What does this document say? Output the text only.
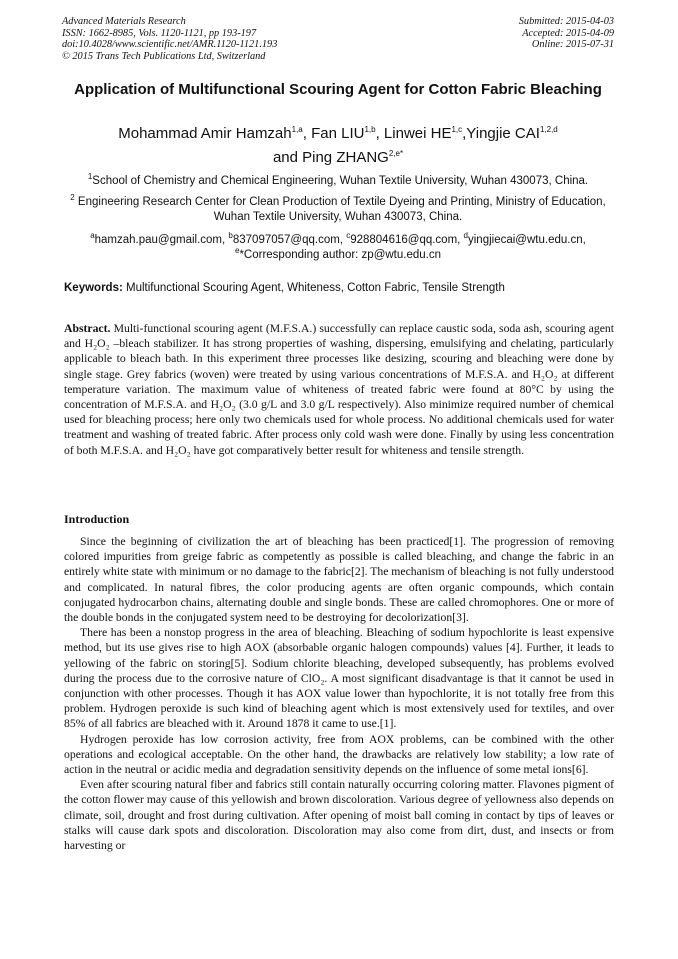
Advanced Materials Research
ISSN: 1662-8985, Vols. 1120-1121, pp 193-197
doi:10.4028/www.scientific.net/AMR.1120-1121.193
© 2015 Trans Tech Publications Ltd, Switzerland
Submitted: 2015-04-03
Accepted: 2015-04-09
Online: 2015-07-31
Application of Multifunctional Scouring Agent for Cotton Fabric Bleaching
Mohammad Amir Hamzah$^{1,a}$, Fan LIU$^{1,b}$, Linwei HE$^{1,c}$,Yingjie CAI$^{1,2,d}$
and Ping $ZHANG^{2,e*}$
$^1$School of Chemistry and Chemical Engineering, Wuhan Textile University, Wuhan 430073, China.
$^2$ Engineering Research Center for Clean Production of Textile Dyeing and Printing, Ministry of Education, Wuhan Textile University, Wuhan 430073, China.
$^a$hamzah.pau@gmail.com, $^b$837097057@qq.com, $^c$928804616@qq.com, $^d$yingjiecai@wtu.edu.cn,
$^e$*Corresponding author: zp@wtu.edu.cn
Keywords: Multifunctional Scouring Agent, Whiteness, Cotton Fabric, Tensile Strength
Abstract. Multi-functional scouring agent (M.F.S.A.) successfully can replace caustic soda, soda ash, scouring agent and H₂O₂ –bleach stabilizer. It has strong properties of washing, dispersing, emulsifying and chelating, particularly applicable to bleach bath. In this experiment three processes like desizing, scouring and bleaching were done by single stage. Grey fabrics (woven) were treated by using various concentrations of M.F.S.A. and H₂O₂ at different temperature variation. The maximum value of whiteness of treated fabric were found at 80°C by using the concentration of M.F.S.A. and H₂O₂ (3.0 g/L and 3.0 g/L respectively). Also minimize required number of chemical used for bleaching process; here only two chemicals used for whole process. No additional chemicals used for water treatment and washing of treated fabric. After process only cold wash were done. Finally by using less concentration of both M.F.S.A. and H₂O₂ have got comparatively better result for whiteness and tensile strength.
Introduction

Since the beginning of civilization the art of bleaching has been practiced[1]. The progression of removing colored impurities from greige fabric as competently as possible is called bleaching, and change the fabric in an entirely white state with minimum or no damage to the fabric[2]. The mechanism of bleaching is not fully understood and complicated. In natural fibres, the color producing agents are often organic compounds, which contain conjugated hydrocarbon chains, alternating double and single bonds. These are called chromophores. One or more of the double bonds in the conjugated system need to be destroying for decolorization[3].

There has been a nonstop progress in the area of bleaching. Bleaching of sodium hypochlorite is least expensive method, but its use gives rise to high AOX (absorbable organic halogen compounds) values [4]. Further, it leads to yellowing of the fabric on storing[5]. Sodium chlorite bleaching, developed subsequently, has problems evolved during the process due to the corrosive nature of ClO₂. A most significant disadvantage is that it cannot be used in conjunction with other processes. Though it has AOX value lower than hypochlorite, it is not totally free from this problem. Hydrogen peroxide is such kind of bleaching agent which is most extensively used for textiles, and over 85% of all fabrics are bleached with it. Around 1878 it came to use.[1].

Hydrogen peroxide has low corrosion activity, free from AOX problems, can be combined with the other operations and ecological acceptable. On the other hand, the drawbacks are relatively low stability; a low rate of action in the neutral or acidic media and degradation sensitivity depends on the influence of some metal ions[6].

Even after scouring natural fiber and fabrics still contain naturally occurring coloring matter. Flavones pigment of the cotton flower may cause of this yellowish and brown discoloration. Various degree of yellowness also depends on climate, soil, drought and frost during cultivation. After opening of moist ball coming in contact by tips of leaves or stalks will cause dark spots and discoloration. Discoloration may also come from dirt, dust, and insects or from harvesting or
